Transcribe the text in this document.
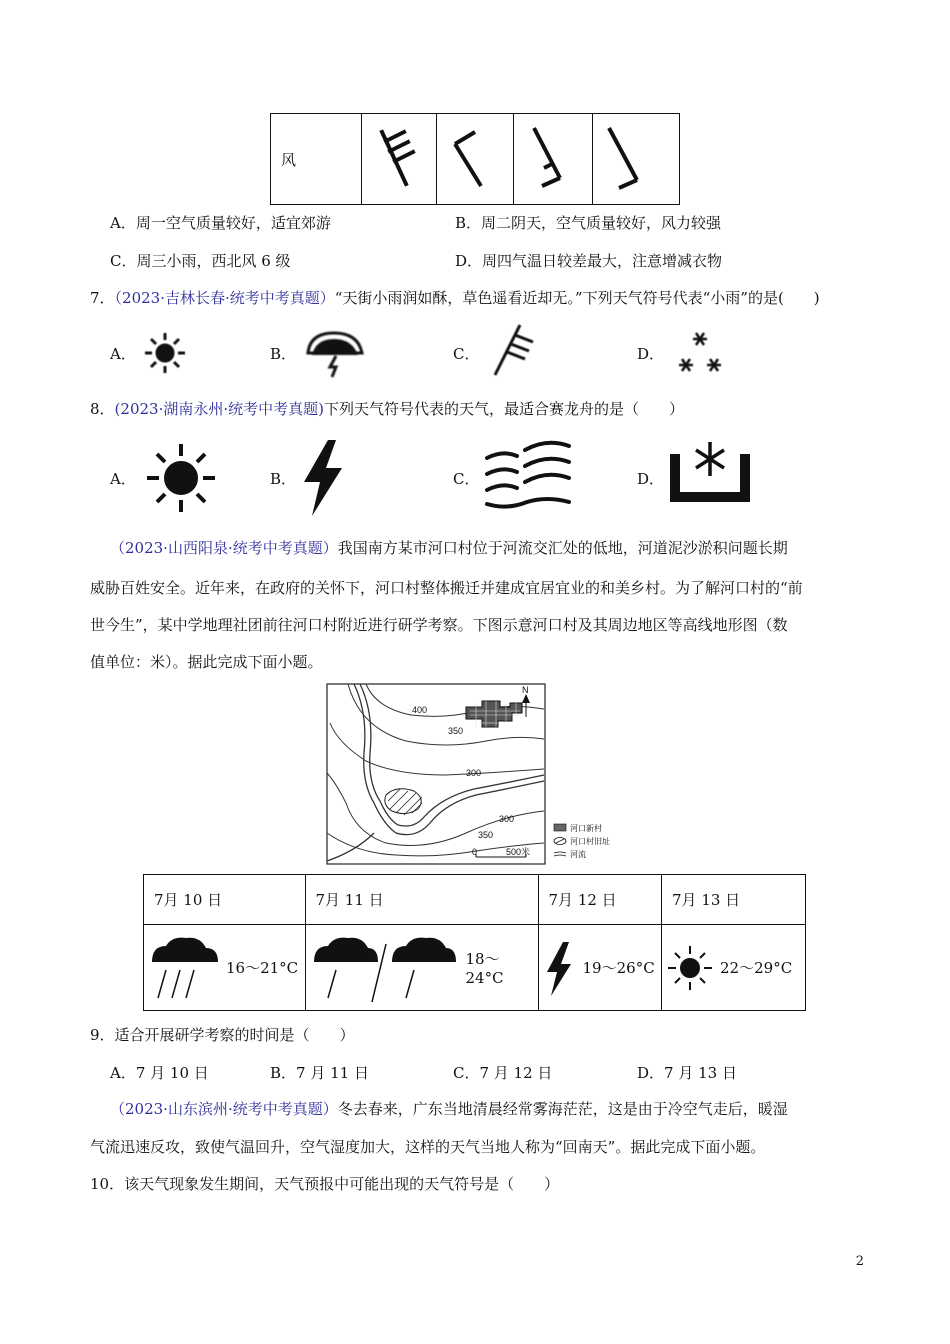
风				
A．周一空气质量较好，适宜郊游	B．周二阴天，空气质量较好，风力较强
C．周三小雨，西北风 6 级	D．周四气温日较差最大，注意增减衣物
7．（2023·吉林长春·统考中考真题）“天街小雨润如酥，草色遥看近却无。”下列天气符号代表“小雨”的是(　　)
A．	B．	C．	D．
8．(2023·湖南永州·统考中考真题)下列天气符号代表的天气，最适合赛龙舟的是（　　）
A．	B．	C．	D．
（2023·山西阳泉·统考中考真题）我国南方某市河口村位于河流交汇处的低地，河道泥沙淤积问题长期
威胁百姓安全。近年来，在政府的关怀下，河口村整体搬迁并建成宜居宜业的和美乡村。为了解河口村的“前
世今生”，某中学地理社团前往河口村附近进行研学考察。下图示意河口村及其周边地区等高线地形图（数
值单位：米）。据此完成下面小题。
400
350
300
300
350
N
0	500米
河口新村
河口村旧址
河流
7月 10 日	7月 11 日	7月 12 日	7月 13 日

16～21°C	18～24°C	19～26°C	22～29°C
9．适合开展研学考察的时间是（　　）
A．7 月 10 日	B．7 月 11 日	C．7 月 12 日	D．7 月 13 日
（2023·山东滨州·统考中考真题）冬去春来，广东当地清晨经常雾海茫茫，这是由于冷空气走后，暖湿
气流迅速反攻，致使气温回升，空气湿度加大，这样的天气当地人称为“回南天”。据此完成下面小题。
10．该天气现象发生期间，天气预报中可能出现的天气符号是（　　）
2
